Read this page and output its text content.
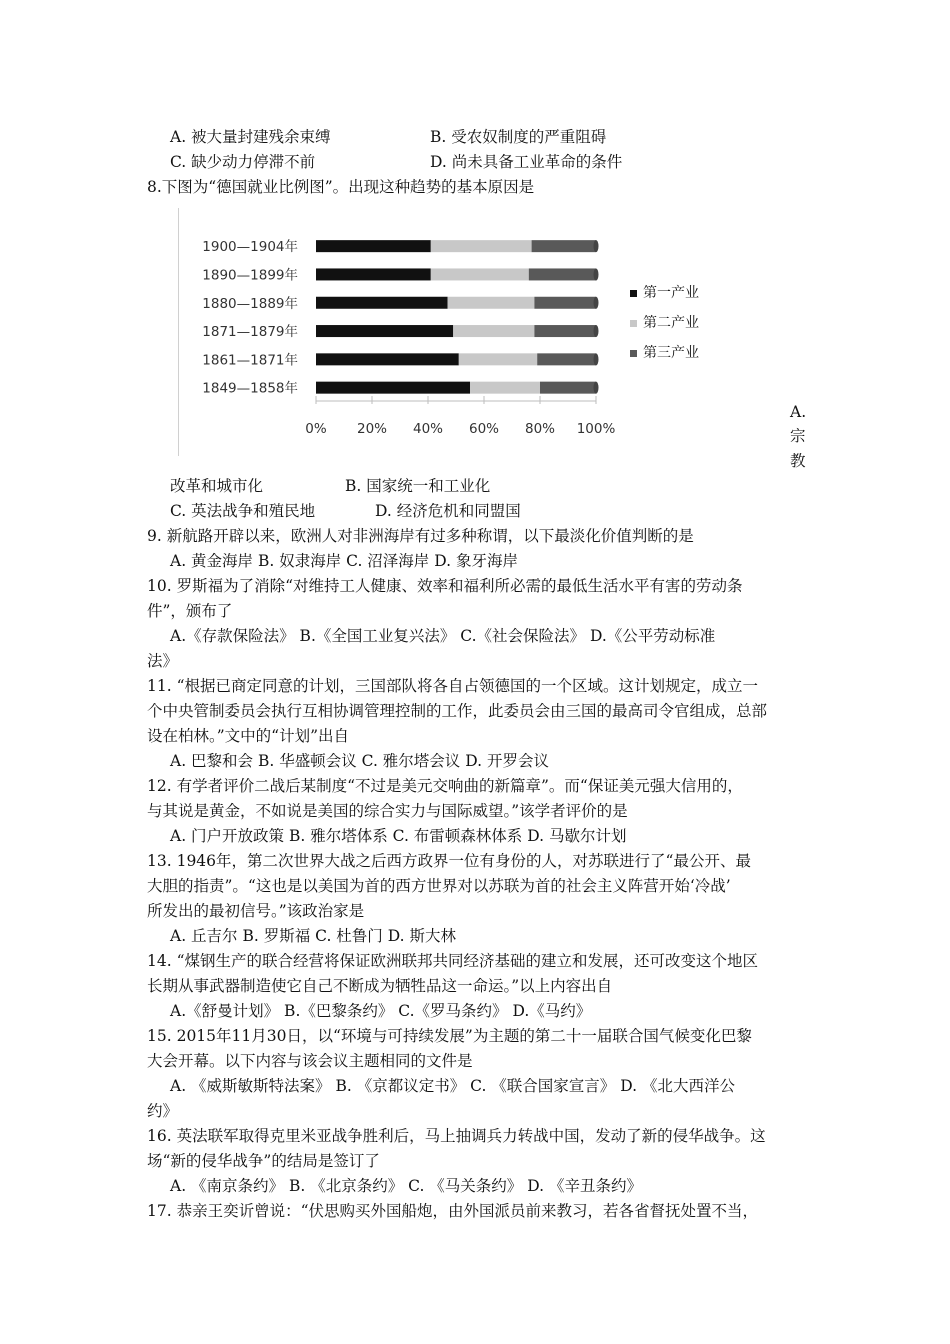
A. 被大量封建残余束缚	B. 受农奴制度的严重阻碍
C. 缺少动力停滞不前	D. 尚未具备工业革命的条件
8.下图为“德国就业比例图”。出现这种趋势的基本原因是
0% 20% 40% 60% 80% 100%
1900—1904年
1890—1899年
1880—1889年
1871—1879年
1861—1871年
1849—1858年
第一产业
第二产业
第三产业
A.
宗
教
改革和城市化	B. 国家统一和工业化
C. 英法战争和殖民地	D. 经济危机和同盟国
9. 新航路开辟以来，欧洲人对非洲海岸有过多种称谓，以下最淡化价值判断的是
A. 黄金海岸 B. 奴隶海岸 C. 沼泽海岸 D. 象牙海岸
10. 罗斯福为了消除“对维持工人健康、效率和福利所必需的最低生活水平有害的劳动条
件”，颁布了
A.《存款保险法》 B.《全国工业复兴法》 C.《社会保险法》 D.《公平劳动标准
法》
11. “根据已商定同意的计划，三国部队将各自占领德国的一个区域。这计划规定，成立一
个中央管制委员会执行互相协调管理控制的工作，此委员会由三国的最高司令官组成，总部
设在柏林。”文中的“计划”出自
A. 巴黎和会 B. 华盛顿会议 C. 雅尔塔会议 D. 开罗会议
12. 有学者评价二战后某制度“不过是美元交响曲的新篇章”。而“保证美元强大信用的，
与其说是黄金，不如说是美国的综合实力与国际威望。”该学者评价的是
A. 门户开放政策 B. 雅尔塔体系 C. 布雷顿森林体系 D. 马歇尔计划
13. 1946年，第二次世界大战之后西方政界一位有身份的人，对苏联进行了“最公开、最
大胆的指责”。“这也是以美国为首的西方世界对以苏联为首的社会主义阵营开始‘冷战’
所发出的最初信号。”该政治家是
A. 丘吉尔 B. 罗斯福 C. 杜鲁门 D. 斯大林
14. “煤钢生产的联合经营将保证欧洲联邦共同经济基础的建立和发展，还可改变这个地区
长期从事武器制造使它自己不断成为牺牲品这一命运。”以上内容出自
A.《舒曼计划》 B.《巴黎条约》 C.《罗马条约》 D.《马约》
15. 2015年11月30日，以“环境与可持续发展”为主题的第二十一届联合国气候变化巴黎
大会开幕。以下内容与该会议主题相同的文件是
A. 《威斯敏斯特法案》 B. 《京都议定书》 C. 《联合国家宣言》 D. 《北大西洋公
约》
16. 英法联军取得克里米亚战争胜利后，马上抽调兵力转战中国，发动了新的侵华战争。这
场“新的侵华战争”的结局是签订了
A. 《南京条约》 B. 《北京条约》 C. 《马关条约》 D. 《辛丑条约》
17. 恭亲王奕䜣曾说：“伏思购买外国船炮，由外国派员前来教习，若各省督抚处置不当，
